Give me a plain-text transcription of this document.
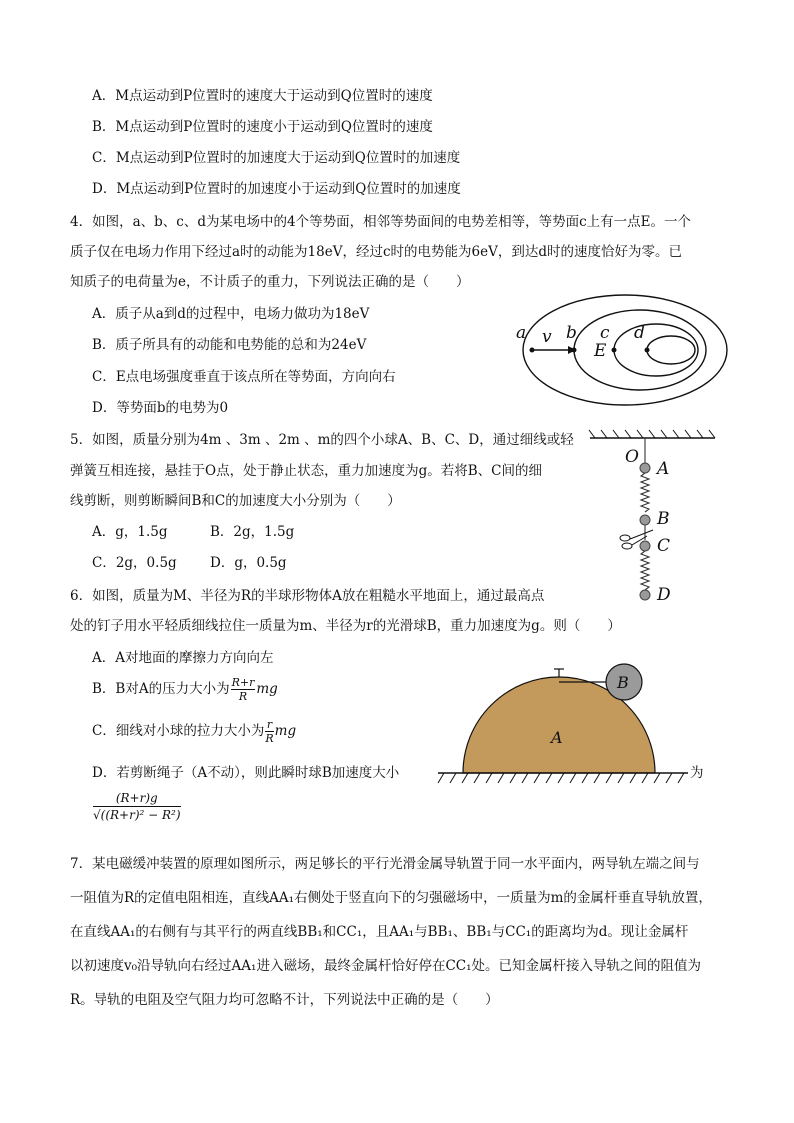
A．M点运动到P位置时的速度大于运动到Q位置时的速度
B．M点运动到P位置时的速度小于运动到Q位置时的速度
C．M点运动到P位置时的加速度大于运动到Q位置时的加速度
D．M点运动到P位置时的加速度小于运动到Q位置时的加速度
4．如图，a、b、c、d为某电场中的4个等势面，相邻等势面间的电势差相等，等势面c上有一点E。一个
质子仅在电场力作用下经过a时的动能为18eV，经过c时的电势能为6eV，到达d时的速度恰好为零。已
知质子的电荷量为e，不计质子的重力，下列说法正确的是（　　）
A．质子从a到d的过程中，电场力做功为18eV
B．质子所具有的动能和电势能的总和为24eV
C．E点电场强度垂直于该点所在等势面，方向向右
D．等势面b的电势为0
a v b
E
c d
5．如图，质量分别为4m 、3m 、2m 、m的四个小球A、B、C、D，通过细线或轻
弹簧互相连接，悬挂于O点，处于静止状态，重力加速度为g。若将B、C间的细
线剪断，则剪断瞬间B和C的加速度大小分别为（　　）
A．g，1.5g	B．2g，1.5g
C．2g，0.5g D．g，0.5g
O
A
B
C
D
6．如图，质量为M、半径为R的半球形物体A放在粗糙水平地面上，通过最高点
处的钉子用水平轻质细线拉住一质量为m、半径为r的光滑球B，重力加速度为g。则（　　）
A．A对地面的摩擦力方向向左
B．B对A的压力大小为 $\frac{R+r}{R}$ mg
C．细线对小球的拉力大小为 $\frac{r}{R}$ mg
D．若剪断绳子（A不动），则此瞬时球B加速度大小	为
$\frac{(R+r)g}{\text{√((R+r)² − R²)}}$
A
B
7．某电磁缓冲装置的原理如图所示，两足够长的平行光滑金属导轨置于同一水平面内，两导轨左端之间与
一阻值为R的定值电阻相连，直线AA₁右侧处于竖直向下的匀强磁场中，一质量为m的金属杆垂直导轨放置，
在直线AA₁的右侧有与其平行的两直线BB₁和CC₁，且AA₁与BB₁、BB₁与CC₁的距离均为d。现让金属杆
以初速度v₀沿导轨向右经过AA₁进入磁场，最终金属杆恰好停在CC₁处。已知金属杆接入导轨之间的阻值为
R。导轨的电阻及空气阻力均可忽略不计，下列说法中正确的是（　　）
